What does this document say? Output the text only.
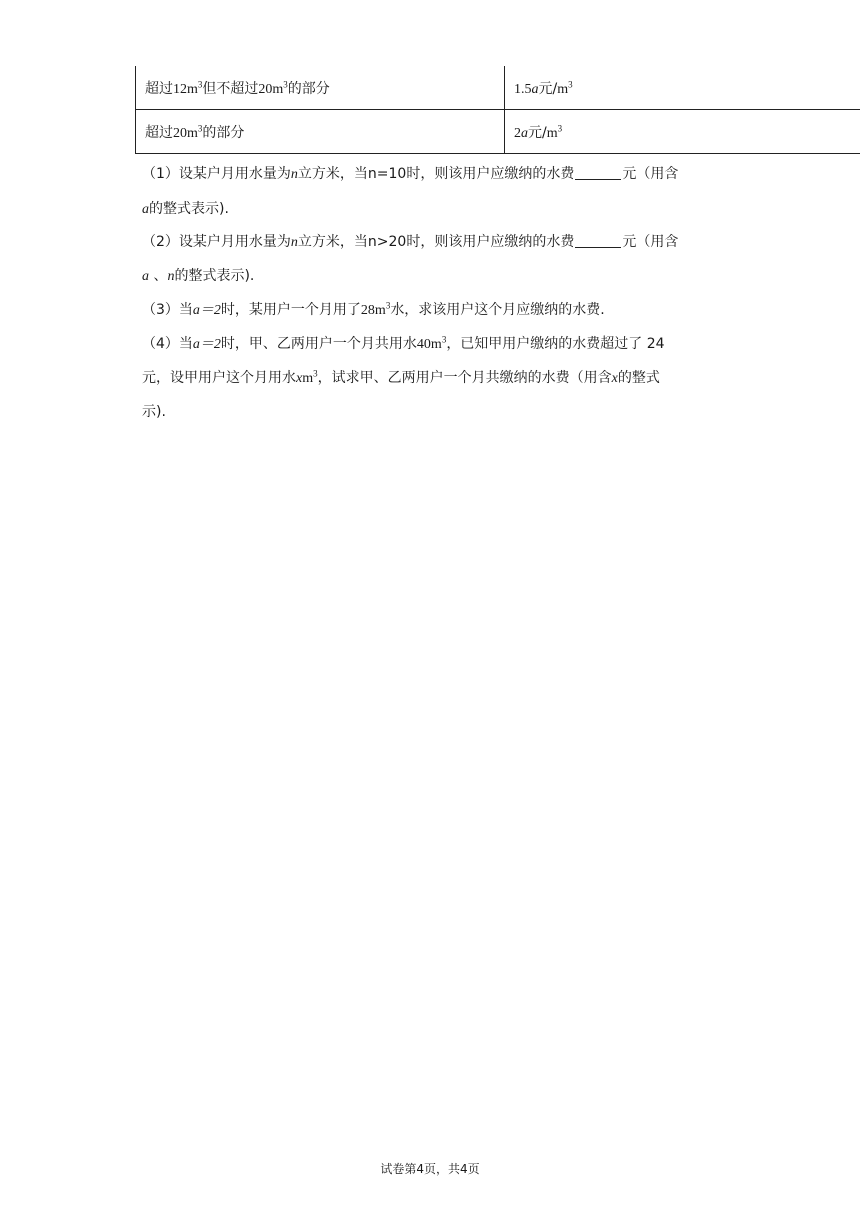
超过$12m^3$但不超过$20m^3$的部分	1.5a元$/m^3$
超过$20m^3$的部分	2a元$/m^3$
（1）设某户月用水量为n立方米，当n=10时，则该用户应缴纳的水费	元（用含
a的整式表示).
（2）设某户月用水量为n立方米，当n>20时，则该用户应缴纳的水费	元（用含
a 、n的整式表示).
（3）当a＝2时，某用户一个月用了$28m^3$水，求该用户这个月应缴纳的水费.
（4）当a＝2时，甲、乙两用户一个月共用水$40m^3$，已知甲用户缴纳的水费超过了 24
元，设甲用户这个月用水$xm^3$，试求甲、乙两用户一个月共缴纳的水费（用含x的整式
示).
试卷第4页，共4页
